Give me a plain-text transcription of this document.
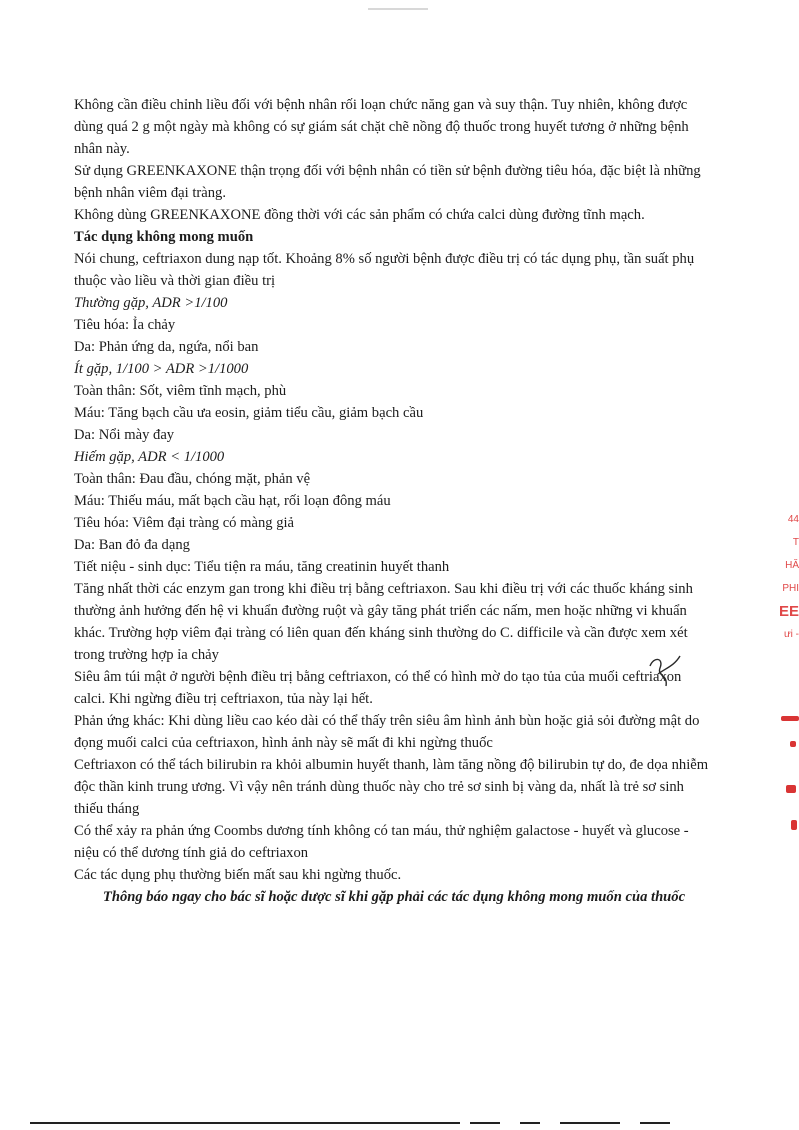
Không cần điều chỉnh liều đối với bệnh nhân rối loạn chức năng gan và suy thận. Tuy nhiên, không được dùng quá 2 g một ngày mà không có sự giám sát chặt chẽ nồng độ thuốc trong huyết tương ở những bệnh nhân này.

Sử dụng GREENKAXONE thận trọng đối với bệnh nhân có tiền sử bệnh đường tiêu hóa, đặc biệt là những bệnh nhân viêm đại tràng.

Không dùng GREENKAXONE đồng thời với các sản phẩm có chứa calci dùng đường tĩnh mạch.

Tác dụng không mong muốn

Nói chung, ceftriaxon dung nạp tốt. Khoảng 8% số người bệnh được điều trị có tác dụng phụ, tần suất phụ thuộc vào liều và thời gian điều trị

Thường gặp, ADR >1/100

Tiêu hóa: Ỉa chảy

Da: Phản ứng da, ngứa, nổi ban

Ít gặp, 1/100 > ADR >1/1000

Toàn thân: Sốt, viêm tĩnh mạch, phù

Máu: Tăng bạch cầu ưa eosin, giảm tiểu cầu, giảm bạch cầu

Da: Nổi mày đay

Hiếm gặp, ADR < 1/1000

Toàn thân: Đau đầu, chóng mặt, phản vệ

Máu: Thiếu máu, mất bạch cầu hạt, rối loạn đông máu

Tiêu hóa: Viêm đại tràng có màng giả

Da: Ban đỏ đa dạng

Tiết niệu - sinh dục: Tiểu tiện ra máu, tăng creatinin huyết thanh

Tăng nhất thời các enzym gan trong khi điều trị bằng ceftriaxon. Sau khi điều trị với các thuốc kháng sinh thường ảnh hưởng đến hệ vi khuẩn đường ruột và gây tăng phát triển các nấm, men hoặc những vi khuẩn khác. Trường hợp viêm đại tràng có liên quan đến kháng sinh thường do C. difficile và cần được xem xét trong trường hợp ỉa chảy

Siêu âm túi mật ở người bệnh điều trị bằng ceftriaxon, có thể có hình mờ do tạo tủa của muối ceftriaxon calci. Khi ngừng điều trị ceftriaxon, tủa này lại hết.

Phản ứng khác: Khi dùng liều cao kéo dài có thể thấy trên siêu âm hình ảnh bùn hoặc giả sỏi đường mật do đọng muối calci của ceftriaxon, hình ảnh này sẽ mất đi khi ngừng thuốc

Ceftriaxon có thể tách bilirubin ra khỏi albumin huyết thanh, làm tăng nồng độ bilirubin tự do, đe dọa nhiễm độc thần kinh trung ương. Vì vậy nên tránh dùng thuốc này cho trẻ sơ sinh bị vàng da, nhất là trẻ sơ sinh thiếu tháng

Có thể xảy ra phản ứng Coombs dương tính không có tan máu, thử nghiệm galactose - huyết và glucose - niệu có thể dương tính giả do ceftriaxon

Các tác dụng phụ thường biến mất sau khi ngừng thuốc.

Thông báo ngay cho bác sĩ hoặc dược sĩ khi gặp phải các tác dụng không mong muốn của thuốc

44
T
HĂ
PHI
EE
ưi -
